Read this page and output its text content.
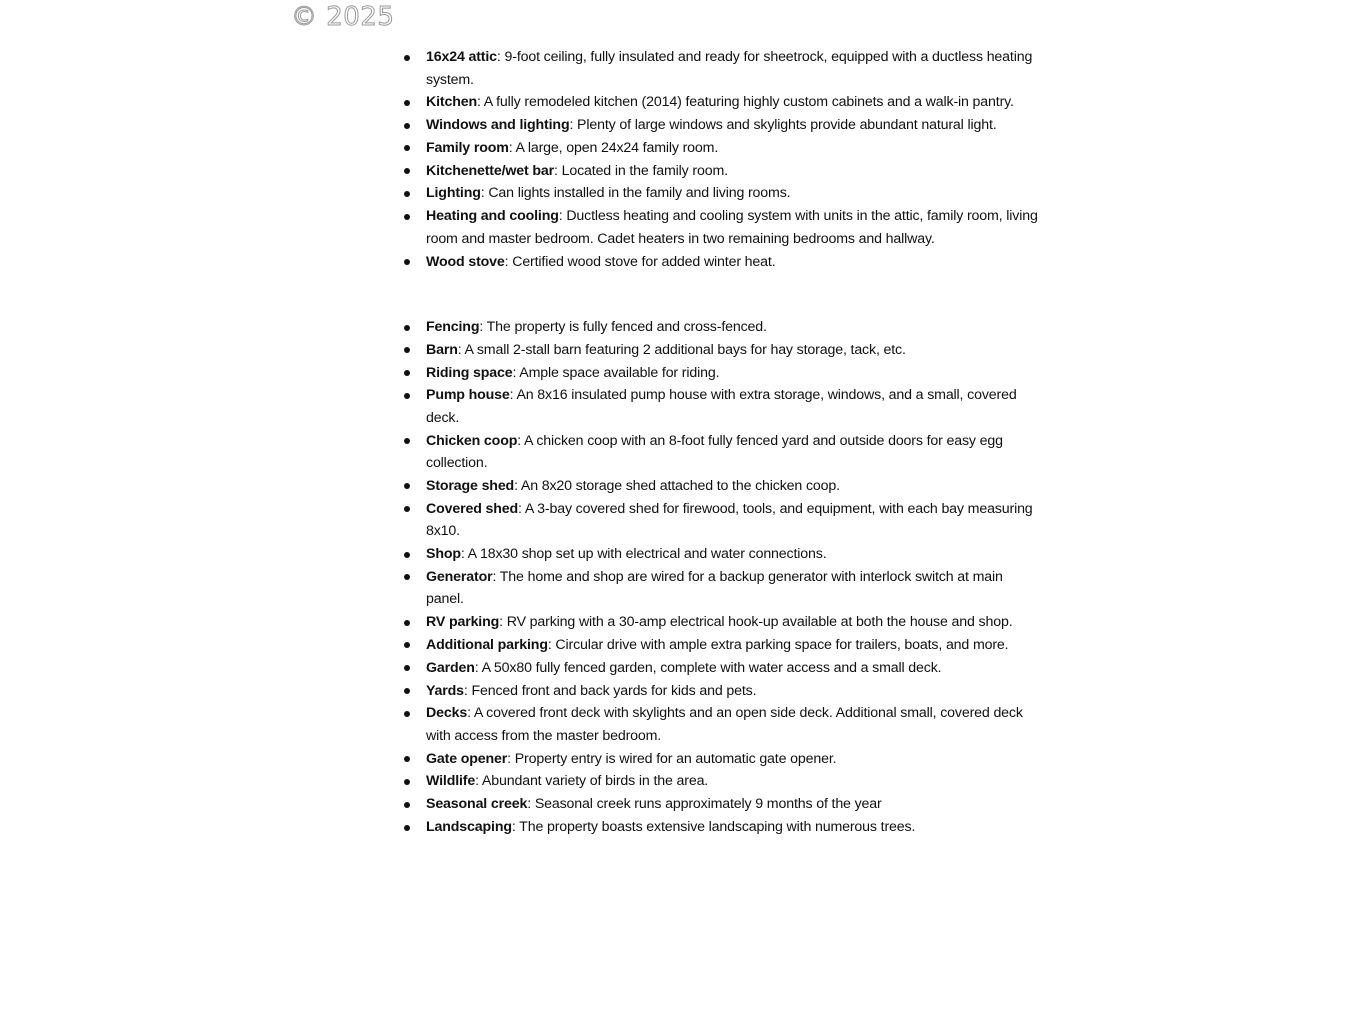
© 2025
16x24 attic: 9-foot ceiling, fully insulated and ready for sheetrock, equipped with a ductless heating system.
Kitchen: A fully remodeled kitchen (2014) featuring highly custom cabinets and a walk-in pantry.
Windows and lighting: Plenty of large windows and skylights provide abundant natural light.
Family room: A large, open 24x24 family room.
Kitchenette/wet bar: Located in the family room.
Lighting: Can lights installed in the family and living rooms.
Heating and cooling: Ductless heating and cooling system with units in the attic, family room, living room and master bedroom. Cadet heaters in two remaining bedrooms and hallway.
Wood stove: Certified wood stove for added winter heat.
Fencing: The property is fully fenced and cross-fenced.
Barn: A small 2-stall barn featuring 2 additional bays for hay storage, tack, etc.
Riding space: Ample space available for riding.
Pump house: An 8x16 insulated pump house with extra storage, windows, and a small, covered deck.
Chicken coop: A chicken coop with an 8-foot fully fenced yard and outside doors for easy egg collection.
Storage shed: An 8x20 storage shed attached to the chicken coop.
Covered shed: A 3-bay covered shed for firewood, tools, and equipment, with each bay measuring 8x10.
Shop: A 18x30 shop set up with electrical and water connections.
Generator: The home and shop are wired for a backup generator with interlock switch at main panel.
RV parking: RV parking with a 30-amp electrical hook-up available at both the house and shop.
Additional parking: Circular drive with ample extra parking space for trailers, boats, and more.
Garden: A 50x80 fully fenced garden, complete with water access and a small deck.
Yards: Fenced front and back yards for kids and pets.
Decks: A covered front deck with skylights and an open side deck. Additional small, covered deck with access from the master bedroom.
Gate opener: Property entry is wired for an automatic gate opener.
Wildlife: Abundant variety of birds in the area.
Seasonal creek: Seasonal creek runs approximately 9 months of the year
Landscaping: The property boasts extensive landscaping with numerous trees.
